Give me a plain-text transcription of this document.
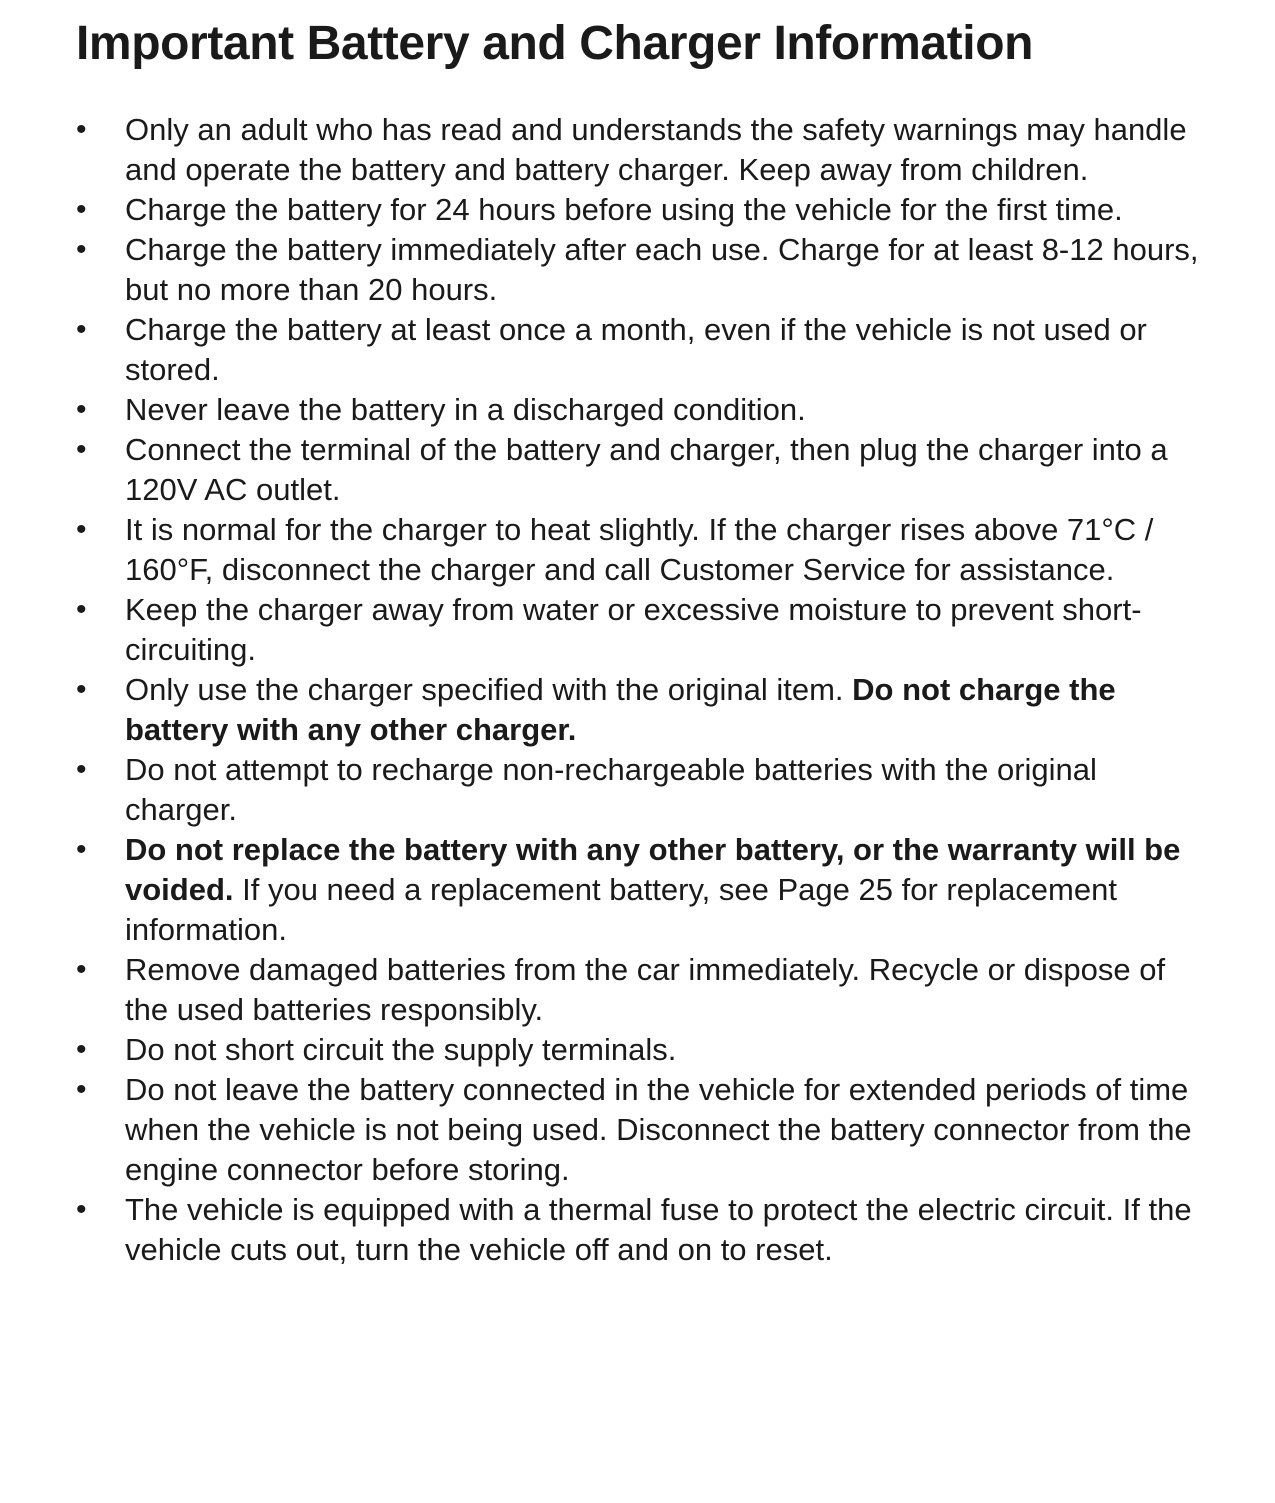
Important Battery and Charger Information
•	Only an adult who has read and understands the safety warnings may handle and operate the battery and battery charger. Keep away from children.
•	Charge the battery for 24 hours before using the vehicle for the first time.
•	Charge the battery immediately after each use. Charge for at least 8-12 hours, but no more than 20 hours.
•	Charge the battery at least once a month, even if the vehicle is not used or stored.
•	Never leave the battery in a discharged condition.
•	Connect the terminal of the battery and charger, then plug the charger into a 120V AC outlet.
•	It is normal for the charger to heat slightly. If the charger rises above 71°C / 160°F, disconnect the charger and call Customer Service for assistance.
•	Keep the charger away from water or excessive moisture to prevent short-circuiting.
•	Only use the charger specified with the original item. Do not charge the battery with any other charger.
•	Do not attempt to recharge non-rechargeable batteries with the original charger.
•	Do not replace the battery with any other battery, or the warranty will be voided. If you need a replacement battery, see Page 25 for replacement information.
•	Remove damaged batteries from the car immediately. Recycle or dispose of the used batteries responsibly.
•	Do not short circuit the supply terminals.
•	Do not leave the battery connected in the vehicle for extended periods of time when the vehicle is not being used. Disconnect the battery connector from the engine connector before storing.
•	The vehicle is equipped with a thermal fuse to protect the electric circuit. If the vehicle cuts out, turn the vehicle off and on to reset.
